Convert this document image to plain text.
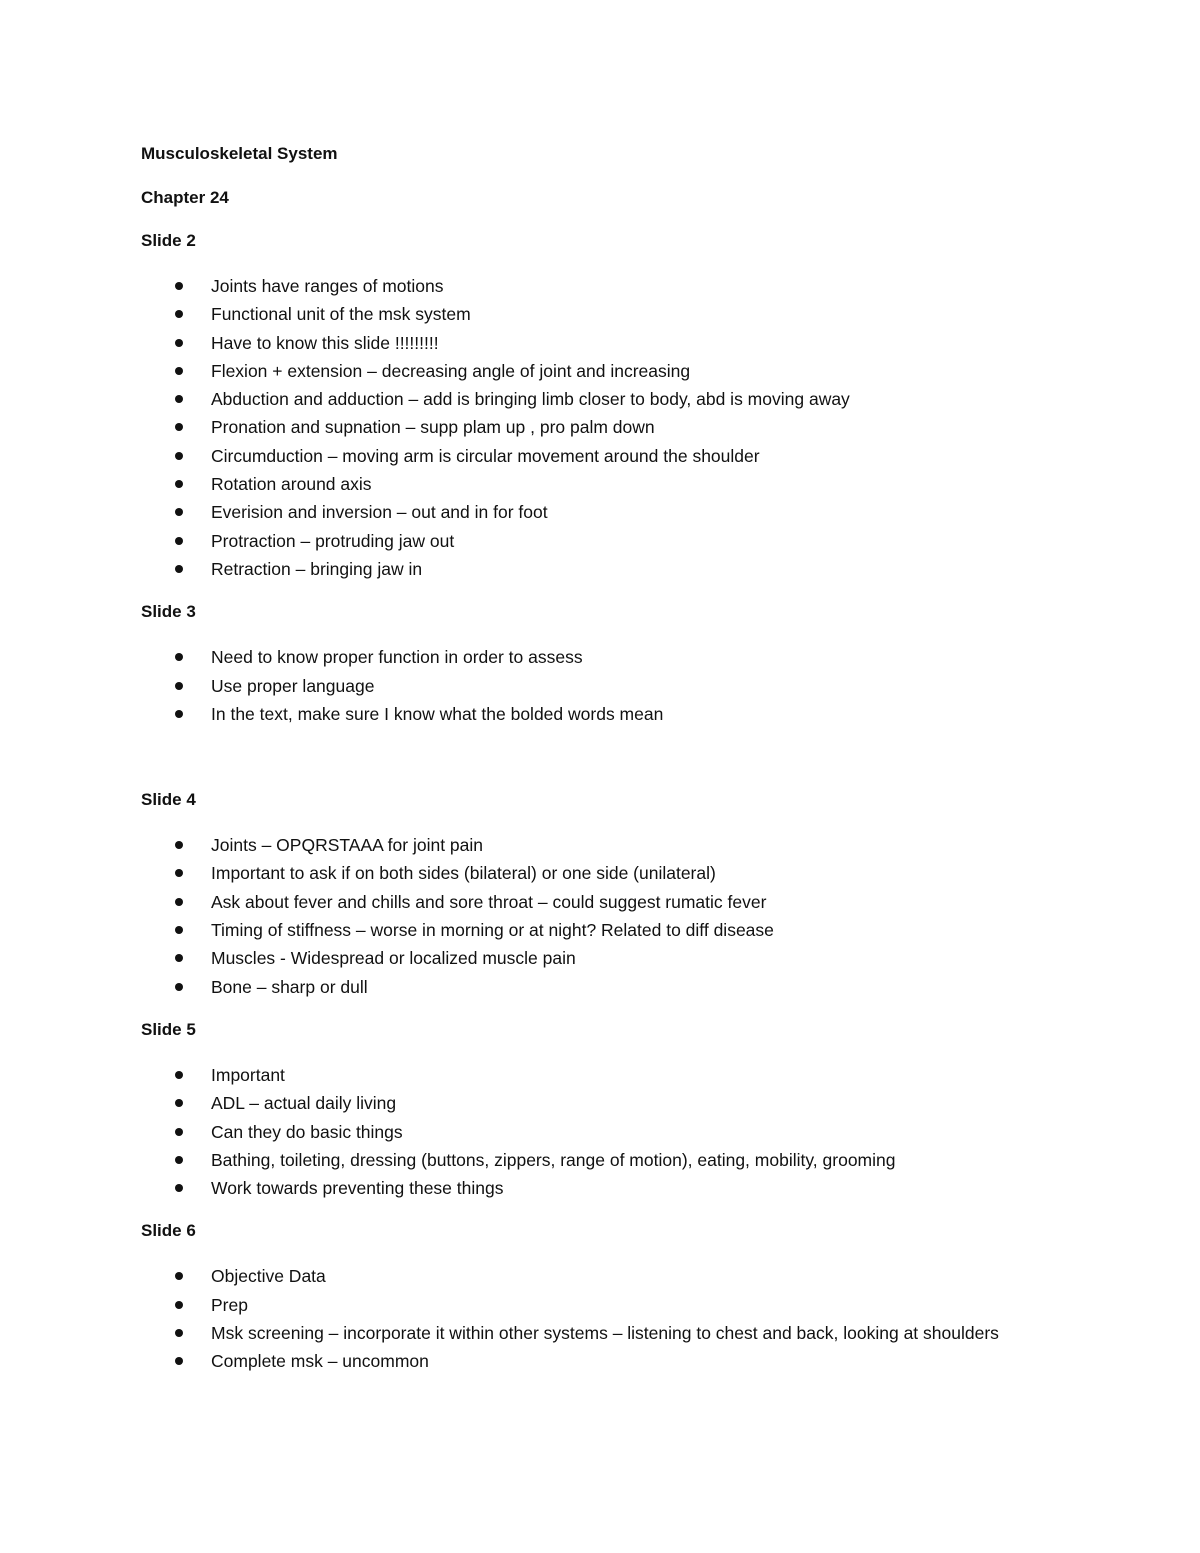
Musculoskeletal System

Chapter 24

Slide 2

Joints have ranges of motions
Functional unit of the msk system
Have to know this slide !!!!!!!!!
Flexion + extension – decreasing angle of joint and increasing
Abduction and adduction – add is bringing limb closer to body, abd is moving away
Pronation and supnation – supp plam up , pro palm down
Circumduction – moving arm is circular movement around the shoulder
Rotation around axis
Everision and inversion – out and in for foot
Protraction – protruding jaw out
Retraction – bringing jaw in

Slide 3

Need to know proper function in order to assess
Use proper language
In the text, make sure I know what the bolded words mean

Slide 4

Joints – OPQRSTAAA for joint pain
Important to ask if on both sides (bilateral) or one side (unilateral)
Ask about fever and chills and sore throat – could suggest rumatic fever
Timing of stiffness – worse in morning or at night? Related to diff disease
Muscles - Widespread or localized muscle pain
Bone – sharp or dull

Slide 5

Important
ADL – actual daily living
Can they do basic things
Bathing, toileting, dressing (buttons, zippers, range of motion), eating, mobility, grooming
Work towards preventing these things

Slide 6

Objective Data
Prep
Msk screening – incorporate it within other systems – listening to chest and back, looking at shoulders
Complete msk – uncommon
